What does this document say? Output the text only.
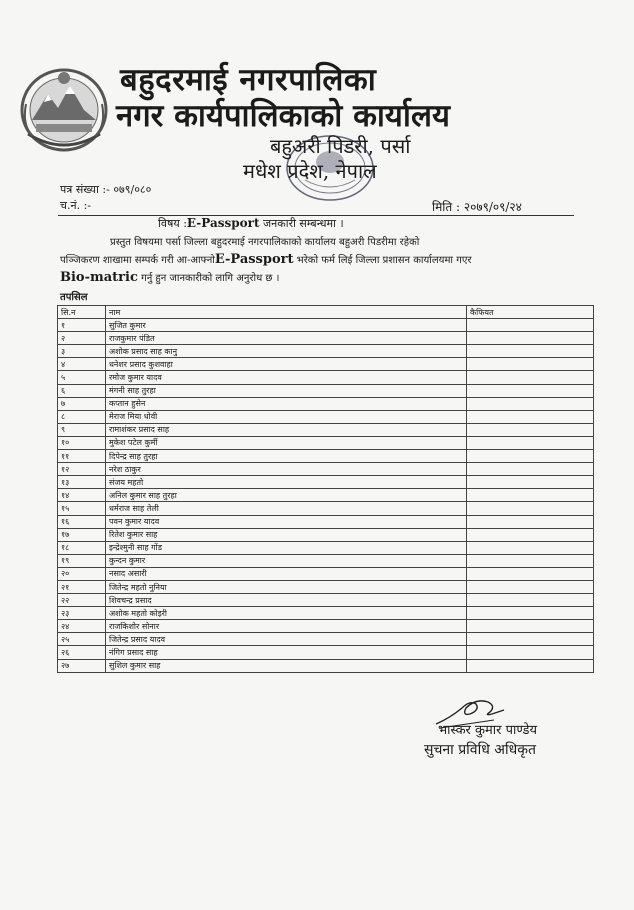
बहुदरमाई नगरपालिका
नगर कार्यपालिकाको कार्यालय
बहुअरी पिडरी, पर्सा
मधेश प्रदेश, नेपाल
पत्र संख्या :- ०७९/०८०
च.नं. :-	मिति : २०७९/०९/२४
विषय :E-Passport जनकारी सम्बन्धमा ।
प्रस्तुत विषयमा पर्सा जिल्ला बहुदरमाई नगरपालिकाको कार्यालय बहुअरी पिडरीमा रहेको
पञ्जिकरण शाखामा सम्पर्क गरी आ-आफ्नोE-Passport भरेको फर्म लिई जिल्ला प्रशासन कार्यालयमा गएर
Bio-matric गर्नु हुन जानकारीको लागि अनुरोध छ ।
तपसिल
सि.न	नाम	कैफियत
१	सुजित कुमार	
२	राजकुमार पंडित	
३	अशोक प्रसाद साह कानु	
४	धनेशर प्रसाद कुशवाहा	
५	रमोज कुमार यादव	
६	मंगनी साह तुरहा	
७	कप्तान हुसेन	
८	मेराज मिया धोवी	
९	रामाशंकर प्रसाद साह	
१०	मुकेश पटेल कुर्मी	
११	दिपेन्द्र साह तुरहा	
१२	नरेश ठाकुर	
१३	संजय महतो	
१४	अनिल कुमार साह तुरहा	
१५	धर्मराज साह तेली	
१६	पवन कुमार यादव	
१७	रितेश कुमार साह	
१८	इन्द्रेश्मुनी साह गोंड	
१९	कुन्दन कुमार	
२०	नसाद असारी	
२१	जितेन्द्र महतो नुनिया	
२२	शिवचन्द्र प्रसाद	
२३	अशोक महतो कोइरी	
२४	राजकिशोर सोनार	
२५	जितेन्द्र प्रसाद यादव	
२६	नंगिग प्रसाद साह	
२७	सुशिल कुमार साह	
भास्कर कुमार पाण्डेय
सुचना प्रविधि अधिकृत
